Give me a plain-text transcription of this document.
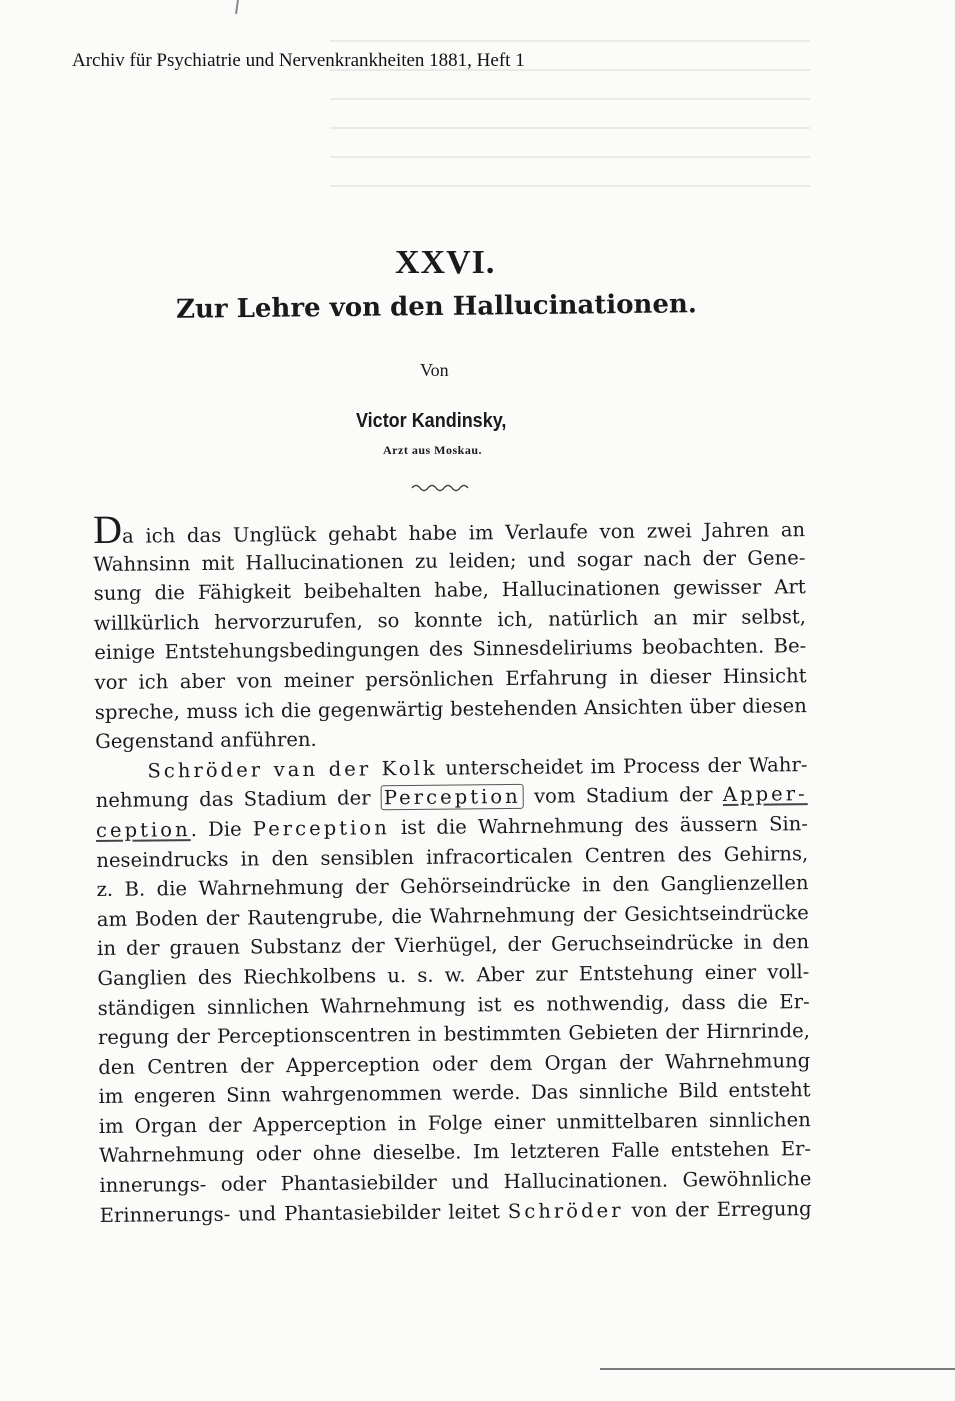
Archiv für Psychiatrie und Nervenkrankheiten 1881, Heft 1
XXVI.
Zur Lehre von den Hallucinationen.
Von
Victor Kandinsky,
Arzt aus Moskau.
Da ich das Unglück gehabt habe im Verlaufe von zwei Jahren an
Wahnsinn mit Hallucinationen zu leiden; und sogar nach der Gene-
sung die Fähigkeit beibehalten habe, Hallucinationen gewisser Art
willkürlich hervorzurufen, so konnte ich, natürlich an mir selbst,
einige Entstehungsbedingungen des Sinnesdeliriums beobachten. Be-
vor ich aber von meiner persönlichen Erfahrung in dieser Hinsicht
spreche, muss ich die gegenwärtig bestehenden Ansichten über diesen
Gegenstand anführen.
Schröder van der Kolk unterscheidet im Process der Wahr-
nehmung das Stadium der Perception vom Stadium der Apper-
ception. Die Perception ist die Wahrnehmung des äussern Sin-
neseindrucks in den sensiblen infracorticalen Centren des Gehirns,
z. B. die Wahrnehmung der Gehörseindrücke in den Ganglienzellen
am Boden der Rautengrube, die Wahrnehmung der Gesichtseindrücke
in der grauen Substanz der Vierhügel, der Geruchseindrücke in den
Ganglien des Riechkolbens u. s. w. Aber zur Entstehung einer voll-
ständigen sinnlichen Wahrnehmung ist es nothwendig, dass die Er-
regung der Perceptionscentren in bestimmten Gebieten der Hirnrinde,
den Centren der Apperception oder dem Organ der Wahrnehmung
im engeren Sinn wahrgenommen werde. Das sinnliche Bild entsteht
im Organ der Apperception in Folge einer unmittelbaren sinnlichen
Wahrnehmung oder ohne dieselbe. Im letzteren Falle entstehen Er-
innerungs- oder Phantasiebilder und Hallucinationen. Gewöhnliche
Erinnerungs- und Phantasiebilder leitet Schröder von der Erregung
